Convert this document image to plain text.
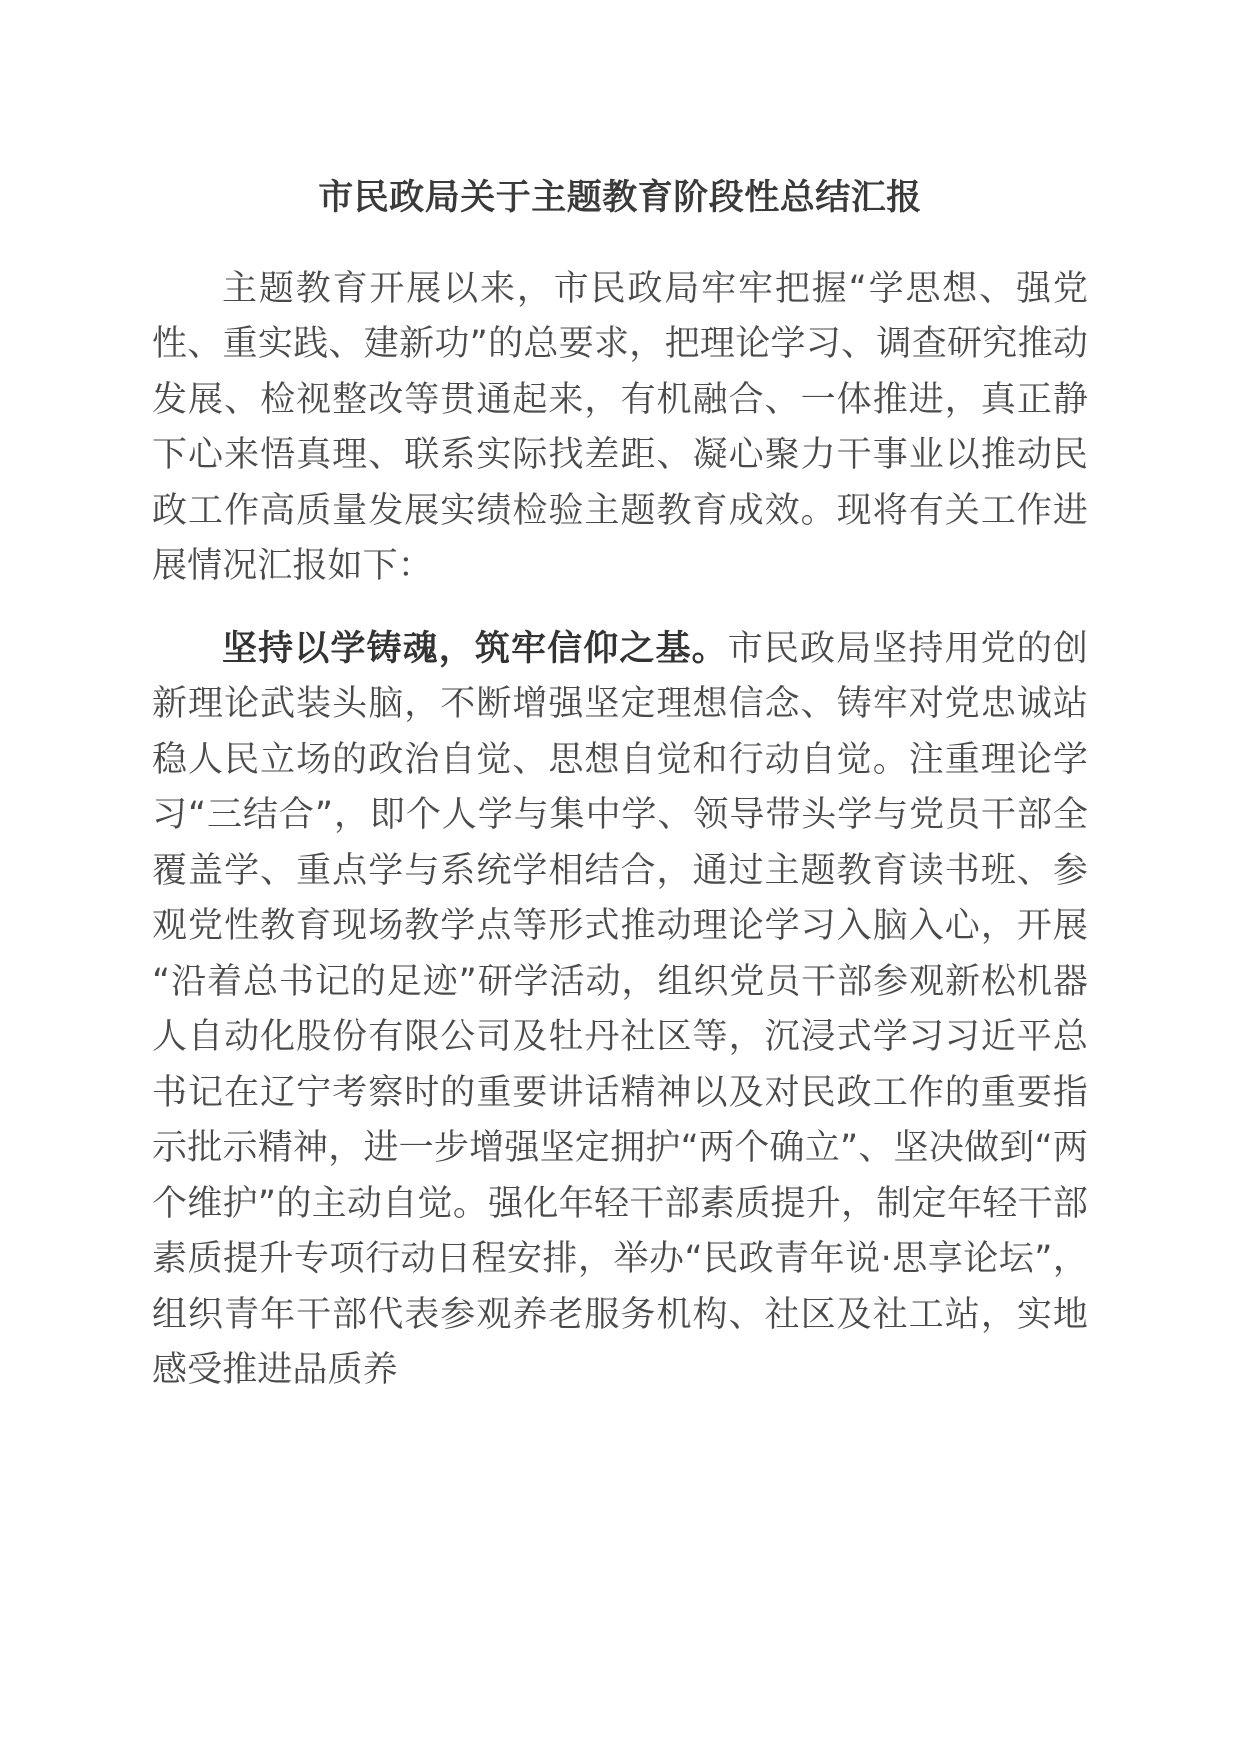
市民政局关于主题教育阶段性总结汇报

主题教育开展以来，市民政局牢牢把握“学思想、强党性、重实践、建新功”的总要求，把理论学习、调查研究推动发展、检视整改等贯通起来，有机融合、一体推进，真正静下心来悟真理、联系实际找差距、凝心聚力干事业以推动民政工作高质量发展实绩检验主题教育成效。现将有关工作进展情况汇报如下：

坚持以学铸魂，筑牢信仰之基。市民政局坚持用党的创新理论武装头脑，不断增强坚定理想信念、铸牢对党忠诚站稳人民立场的政治自觉、思想自觉和行动自觉。注重理论学习“三结合”，即个人学与集中学、领导带头学与党员干部全覆盖学、重点学与系统学相结合，通过主题教育读书班、参观党性教育现场教学点等形式推动理论学习入脑入心，开展“沿着总书记的足迹”研学活动，组织党员干部参观新松机器人自动化股份有限公司及牡丹社区等，沉浸式学习习近平总书记在辽宁考察时的重要讲话精神以及对民政工作的重要指示批示精神，进一步增强坚定拥护“两个确立”、坚决做到“两个维护”的主动自觉。强化年轻干部素质提升，制定年轻干部素质提升专项行动日程安排，举办“民政青年说·思享论坛”，组织青年干部代表参观养老服务机构、社区及社工站，实地感受推进品质养
